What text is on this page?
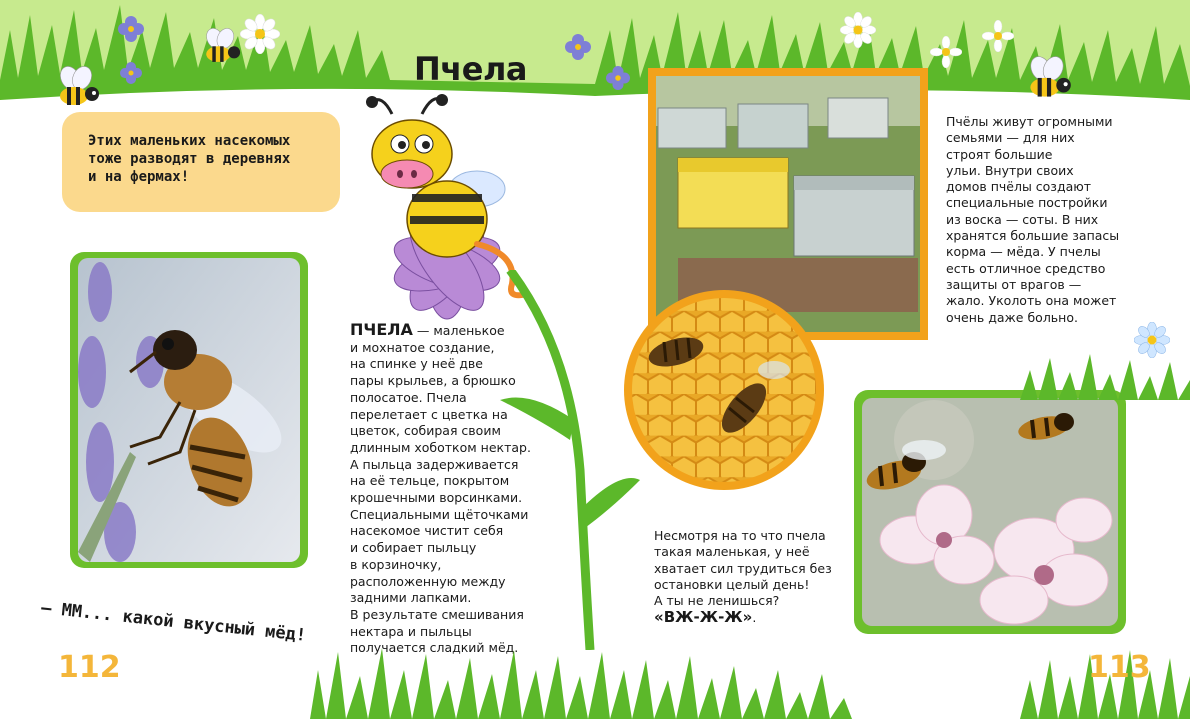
Пчела
Этих маленьких насекомых
тоже разводят в деревнях
и на фермах!
ПЧЕЛА — маленькое
и мохнатое создание,
на спинке у неё две
пары крыльев, а брюшко
полосатое. Пчела
перелетает с цветка на
цветок, собирая своим
длинным хоботком нектар.
А пыльца задерживается
на её тельце, покрытом
крошечными ворсинками.
Специальными щёточками
насекомое чистит себя
и собирает пыльцу
в корзиночку,
расположенную между
задними лапками.
В результате смешивания
нектара и пыльцы
получается сладкий мёд.
Пчёлы живут огромными
семьями — для них
строят большие
ульи. Внутри своих
домов пчёлы создают
специальные постройки
из воска — соты. В них
хранятся большие запасы
корма — мёда. У пчелы
есть отличное средство
защиты от врагов —
жало. Уколоть она может
очень даже больно.
Несмотря на то что пчела
такая маленькая, у неё
хватает сил трудиться без
остановки целый день!
А ты не ленишься?
«ВЖ-Ж-Ж».
– ММ... какой вкусный мёд!
112	113
